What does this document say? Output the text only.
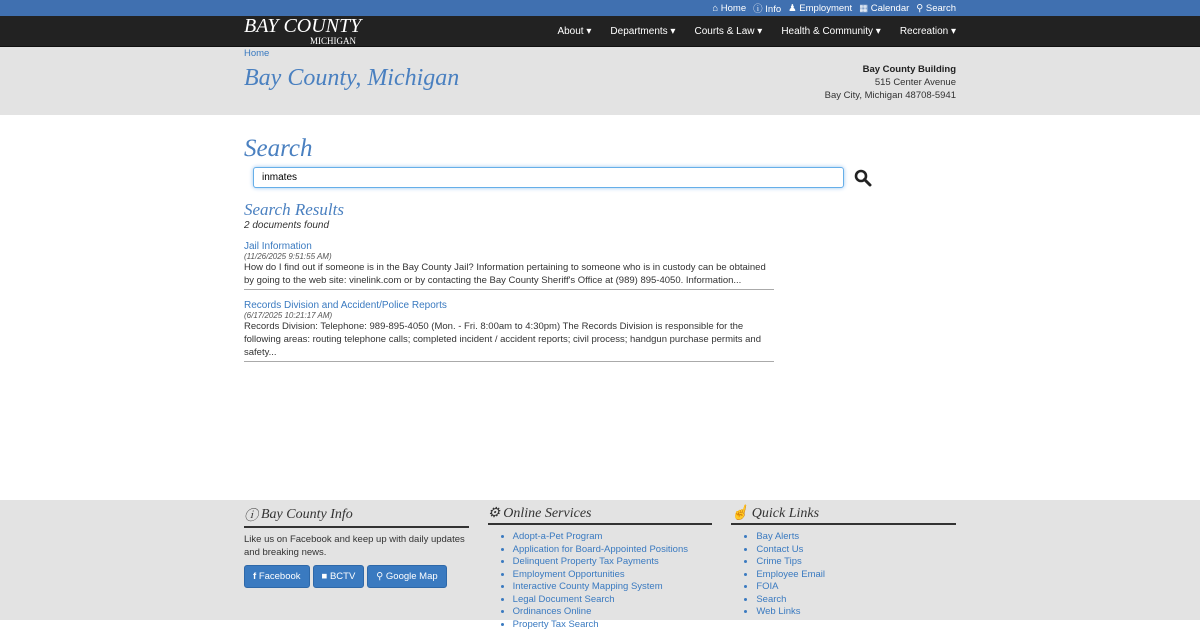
⌂ Home ⓘ Info ♟ Employment ▦ Calendar ⚲ Search
BAY COUNTY
MICHIGAN
About ▾ Departments ▾ Courts & Law ▾ Health & Community ▾ Recreation ▾
Home
Bay County, Michigan	Bay County Building
515 Center Avenue
Bay City, Michigan 48708-5941
Search
inmates
Search Results
2 documents found
Jail Information
(11/26/2025 9:51:55 AM)

How do I find out if someone is in the Bay County Jail? Information pertaining to someone who is in custody can be obtained by going to the web site: vinelink.com or by contacting the Bay County Sheriff's Office at (989) 895-4050. Information...

Records Division and Accident/Police Reports
(6/17/2025 10:21:17 AM)

Records Division: Telephone: 989-895-4050 (Mon. - Fri. 8:00am to 4:30pm) The Records Division is responsible for the following areas: routing telephone calls; completed incident / accident reports; civil process; handgun purchase permits and safety...

ⓘ Bay County Info

Like us on Facebook and keep up with daily updates and breaking news.

f Facebook	■ BCTV	⚲ Google Map
⚙ Online Services
• Adopt-a-Pet Program
• Application for Board-Appointed Positions
• Delinquent Property Tax Payments
• Employment Opportunities
• Interactive County Mapping System
• Legal Document Search
• Ordinances Online
• Property Tax Search
☝ Quick Links
• Bay Alerts
• Contact Us
• Crime Tips
• Employee Email
• FOIA
• Search
• Web Links
